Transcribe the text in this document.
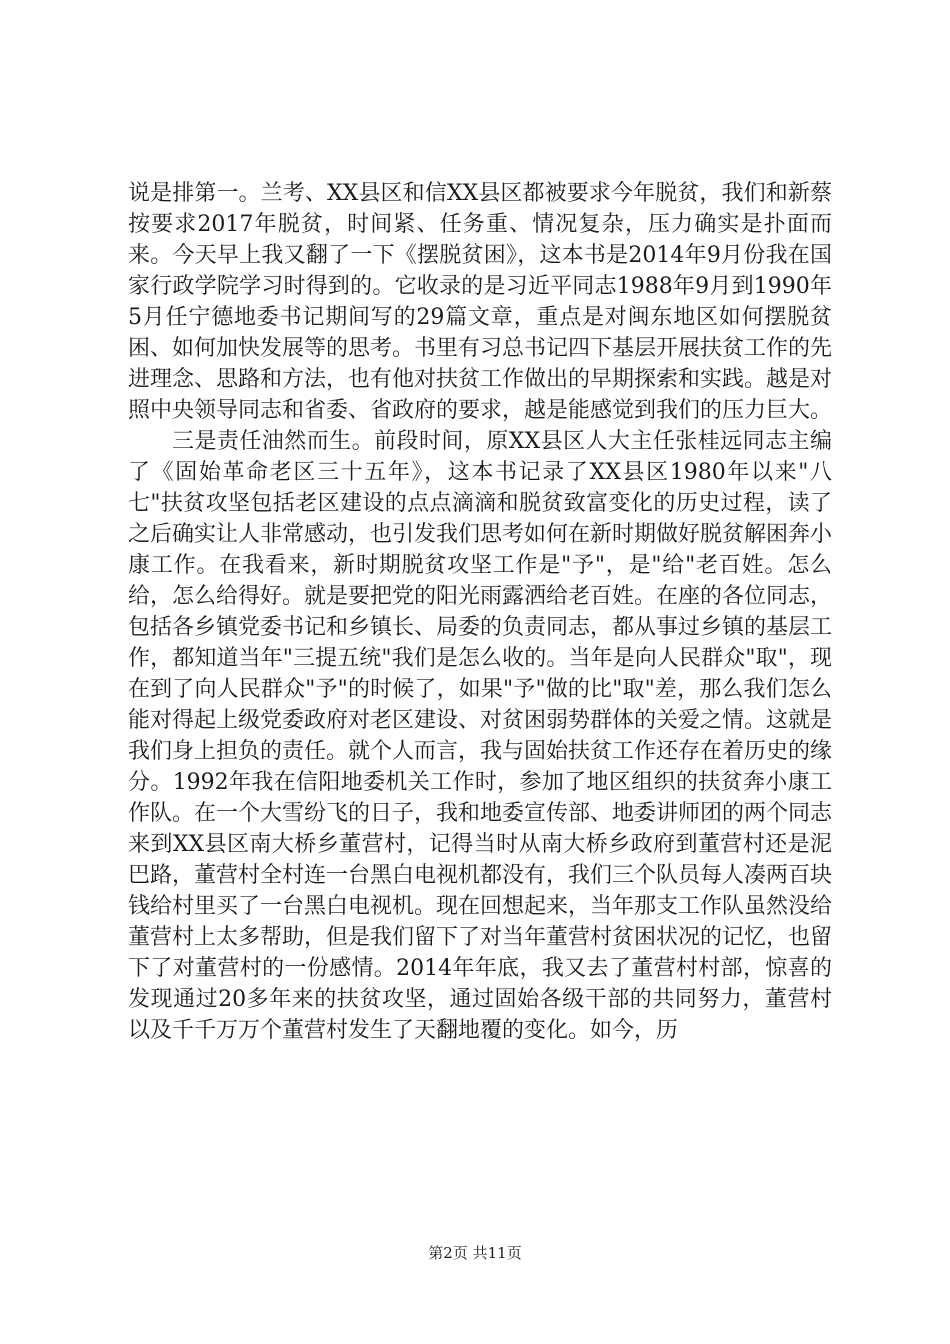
说是排第一。兰考、XX县区和信XX县区都被要求今年脱贫，我们和新蔡按要求2017年脱贫，时间紧、任务重、情况复杂，压力确实是扑面而来。今天早上我又翻了一下《摆脱贫困》，这本书是2014年9月份我在国家行政学院学习时得到的。它收录的是习近平同志1988年9月到1990年5月任宁德地委书记期间写的29篇文章，重点是对闽东地区如何摆脱贫困、如何加快发展等的思考。书里有习总书记四下基层开展扶贫工作的先进理念、思路和方法，也有他对扶贫工作做出的早期探索和实践。越是对照中央领导同志和省委、省政府的要求，越是能感觉到我们的压力巨大。

三是责任油然而生。前段时间，原XX县区人大主任张桂远同志主编了《固始革命老区三十五年》，这本书记录了XX县区1980年以来"八七"扶贫攻坚包括老区建设的点点滴滴和脱贫致富变化的历史过程，读了之后确实让人非常感动，也引发我们思考如何在新时期做好脱贫解困奔小康工作。在我看来，新时期脱贫攻坚工作是"予"，是"给"老百姓。怎么给，怎么给得好。就是要把党的阳光雨露洒给老百姓。在座的各位同志，包括各乡镇党委书记和乡镇长、局委的负责同志，都从事过乡镇的基层工作，都知道当年"三提五统"我们是怎么收的。当年是向人民群众"取"，现在到了向人民群众"予"的时候了，如果"予"做的比"取"差，那么我们怎么能对得起上级党委政府对老区建设、对贫困弱势群体的关爱之情。这就是我们身上担负的责任。就个人而言，我与固始扶贫工作还存在着历史的缘分。1992年我在信阳地委机关工作时，参加了地区组织的扶贫奔小康工作队。在一个大雪纷飞的日子，我和地委宣传部、地委讲师团的两个同志来到XX县区南大桥乡董营村，记得当时从南大桥乡政府到董营村还是泥巴路，董营村全村连一台黑白电视机都没有，我们三个队员每人凑两百块钱给村里买了一台黑白电视机。现在回想起来，当年那支工作队虽然没给董营村上太多帮助，但是我们留下了对当年董营村贫困状况的记忆，也留下了对董营村的一份感情。2014年年底，我又去了董营村村部，惊喜的发现通过20多年来的扶贫攻坚，通过固始各级干部的共同努力，董营村以及千千万万个董营村发生了天翻地覆的变化。如今，历

第2页 共11页
